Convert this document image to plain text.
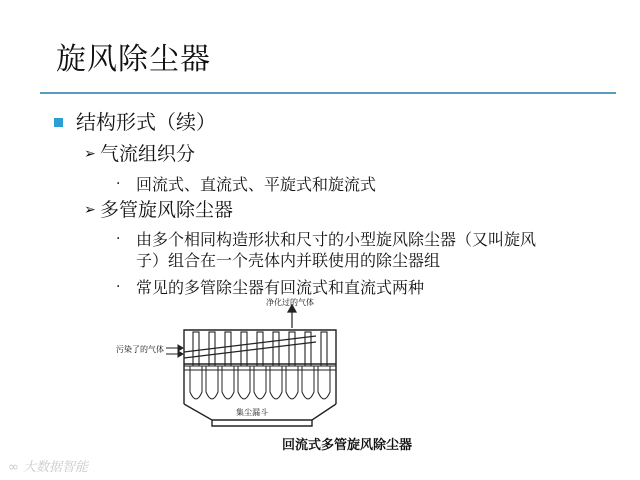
旋风除尘器
结构形式（续）
➢ 气流组织分
· 回流式、直流式、平旋式和旋流式
➢ 多管旋风除尘器
· 由多个相同构造形状和尺寸的小型旋风除尘器（又叫旋风
子）组合在一个壳体内并联使用的除尘器组
· 常见的多管除尘器有回流式和直流式两种
净化过的气体
污染了的气体
集尘漏斗
回流式多管旋风除尘器
∞ 大数据智能
